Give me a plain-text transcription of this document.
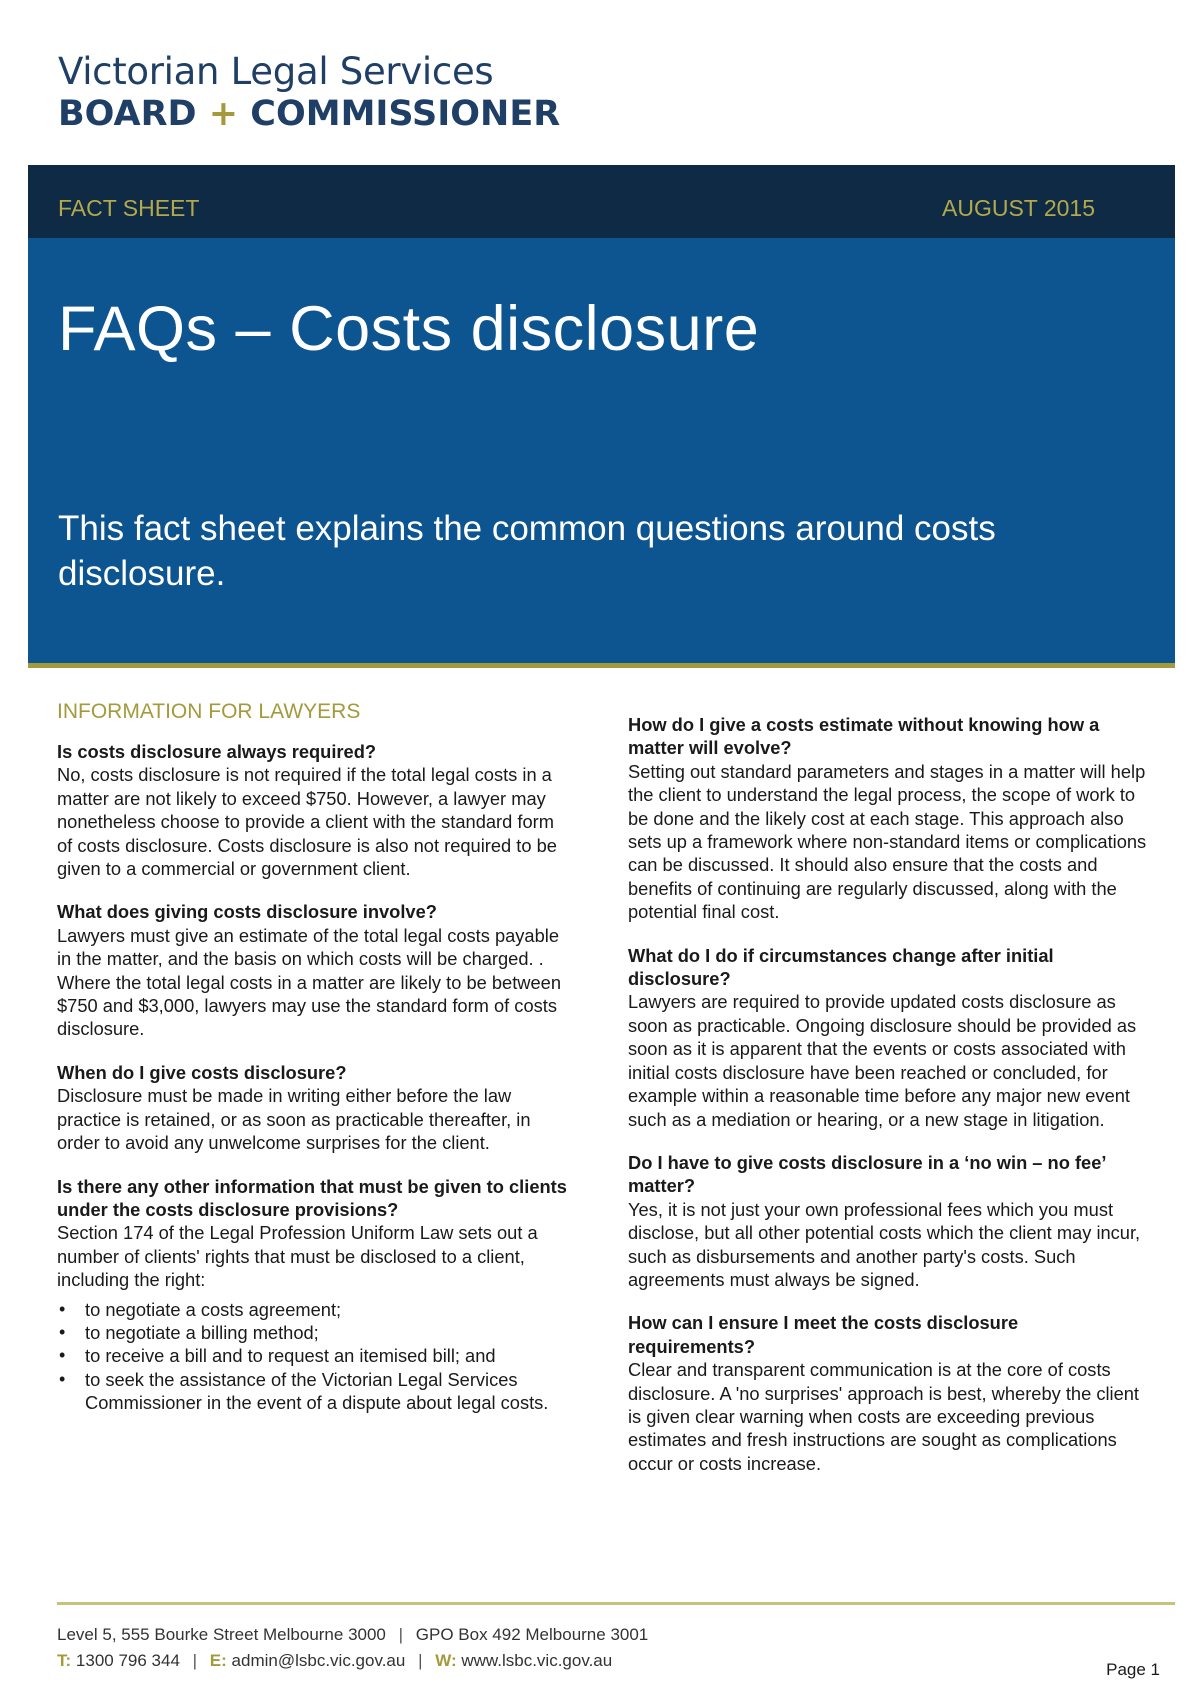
Victorian Legal Services
BOARD + COMMISSIONER
FACT SHEET	AUGUST 2015
FAQs – Costs disclosure

This fact sheet explains the common questions around costs disclosure.

INFORMATION FOR LAWYERS
Is costs disclosure always required?

No, costs disclosure is not required if the total legal costs in a matter are not likely to exceed $750. However, a lawyer may nonetheless choose to provide a client with the standard form of costs disclosure. Costs disclosure is also not required to be given to a commercial or government client.

What does giving costs disclosure involve?

Lawyers must give an estimate of the total legal costs payable in the matter, and the basis on which costs will be charged. . Where the total legal costs in a matter are likely to be between $750 and $3,000, lawyers may use the standard form of costs disclosure.

When do I give costs disclosure?

Disclosure must be made in writing either before the law practice is retained, or as soon as practicable thereafter, in order to avoid any unwelcome surprises for the client.

Is there any other information that must be given to clients under the costs disclosure provisions?

Section 174 of the Legal Profession Uniform Law sets out a number of clients' rights that must be disclosed to a client, including the right:

• to negotiate a costs agreement;
• to negotiate a billing method;
• to receive a bill and to request an itemised bill; and
• to seek the assistance of the Victorian Legal Services Commissioner in the event of a dispute about legal costs.
How do I give a costs estimate without knowing how a matter will evolve?

Setting out standard parameters and stages in a matter will help the client to understand the legal process, the scope of work to be done and the likely cost at each stage. This approach also sets up a framework where non-standard items or complications can be discussed. It should also ensure that the costs and benefits of continuing are regularly discussed, along with the potential final cost.

What do I do if circumstances change after initial disclosure?

Lawyers are required to provide updated costs disclosure as soon as practicable. Ongoing disclosure should be provided as soon as it is apparent that the events or costs associated with initial costs disclosure have been reached or concluded, for example within a reasonable time before any major new event such as a mediation or hearing, or a new stage in litigation.

Do I have to give costs disclosure in a ‘no win – no fee’ matter?

Yes, it is not just your own professional fees which you must disclose, but all other potential costs which the client may incur, such as disbursements and another party's costs. Such agreements must always be signed.

How can I ensure I meet the costs disclosure requirements?

Clear and transparent communication is at the core of costs disclosure. A 'no surprises' approach is best, whereby the client is given clear warning when costs are exceeding previous estimates and fresh instructions are sought as complications occur or costs increase.

Level 5, 555 Bourke Street Melbourne 3000 | GPO Box 492 Melbourne 3001
T: 1300 796 344 | E: admin@lsbc.vic.gov.au | W: www.lsbc.vic.gov.au	Page 1
